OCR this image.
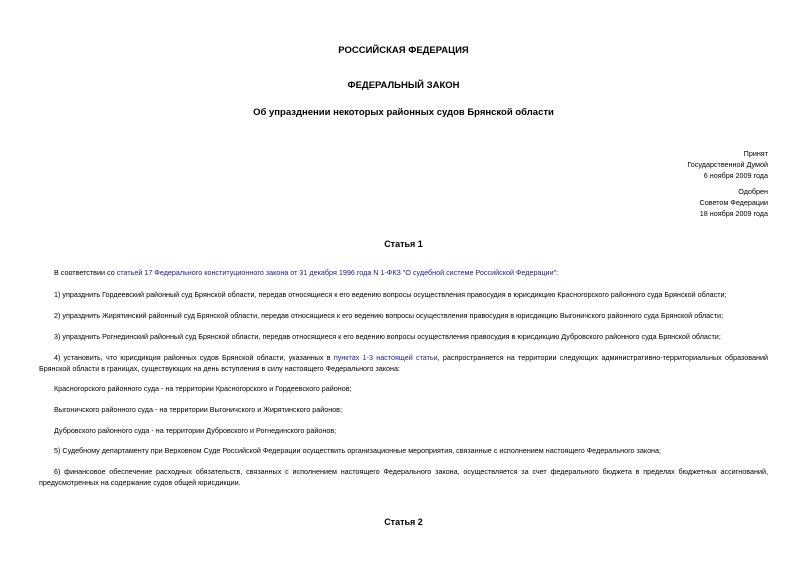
РОССИЙСКАЯ ФЕДЕРАЦИЯ
ФЕДЕРАЛЬНЫЙ ЗАКОН
Об упразднении некоторых районных судов Брянской области
Принят
Государственной Думой
6 ноября 2009 года
Одобрен
Советом Федерации
18 ноября 2009 года
Статья 1
В соответствии со статьей 17 Федерального конституционного закона от 31 декабря 1996 года N 1-ФКЗ "О судебной системе Российской Федерации":
1) упразднить Гордеевский районный суд Брянской области, передав относящиеся к его ведению вопросы осуществления правосудия в юрисдикцию Красногорского районного суда Брянской области;
2) упразднить Жирятинский районный суд Брянской области, передав относящиеся к его ведению вопросы осуществления правосудия в юрисдикцию Выгоничского районного суда Брянской области;
3) упразднить Рогнединский районный суд Брянской области, передав относящиеся к его ведению вопросы осуществления правосудия в юрисдикцию Дубровского районного суда Брянской области;
4) установить, что юрисдикция районных судов Брянской области, указанных в пунктах 1-3 настоящей статьи, распространяется на территории следующих административно-территориальных образований Брянской области в границах, существующих на день вступления в силу настоящего Федерального закона:
Красногорского районного суда - на территории Красногорского и Гордеевского районов;
Выгоничского районного суда - на территории Выгоничского и Жирятинского районов;
Дубровского районного суда - на территории Дубровского и Рогнединского районов;
5) Судебному департаменту при Верховном Суде Российской Федерации осуществить организационные мероприятия, связанные с исполнением настоящего Федерального закона;
6) финансовое обеспечение расходных обязательств, связанных с исполнением настоящего Федерального закона, осуществляется за счет федерального бюджета в пределах бюджетных ассигнований, предусмотренных на содержание судов общей юрисдикции.
Статья 2
